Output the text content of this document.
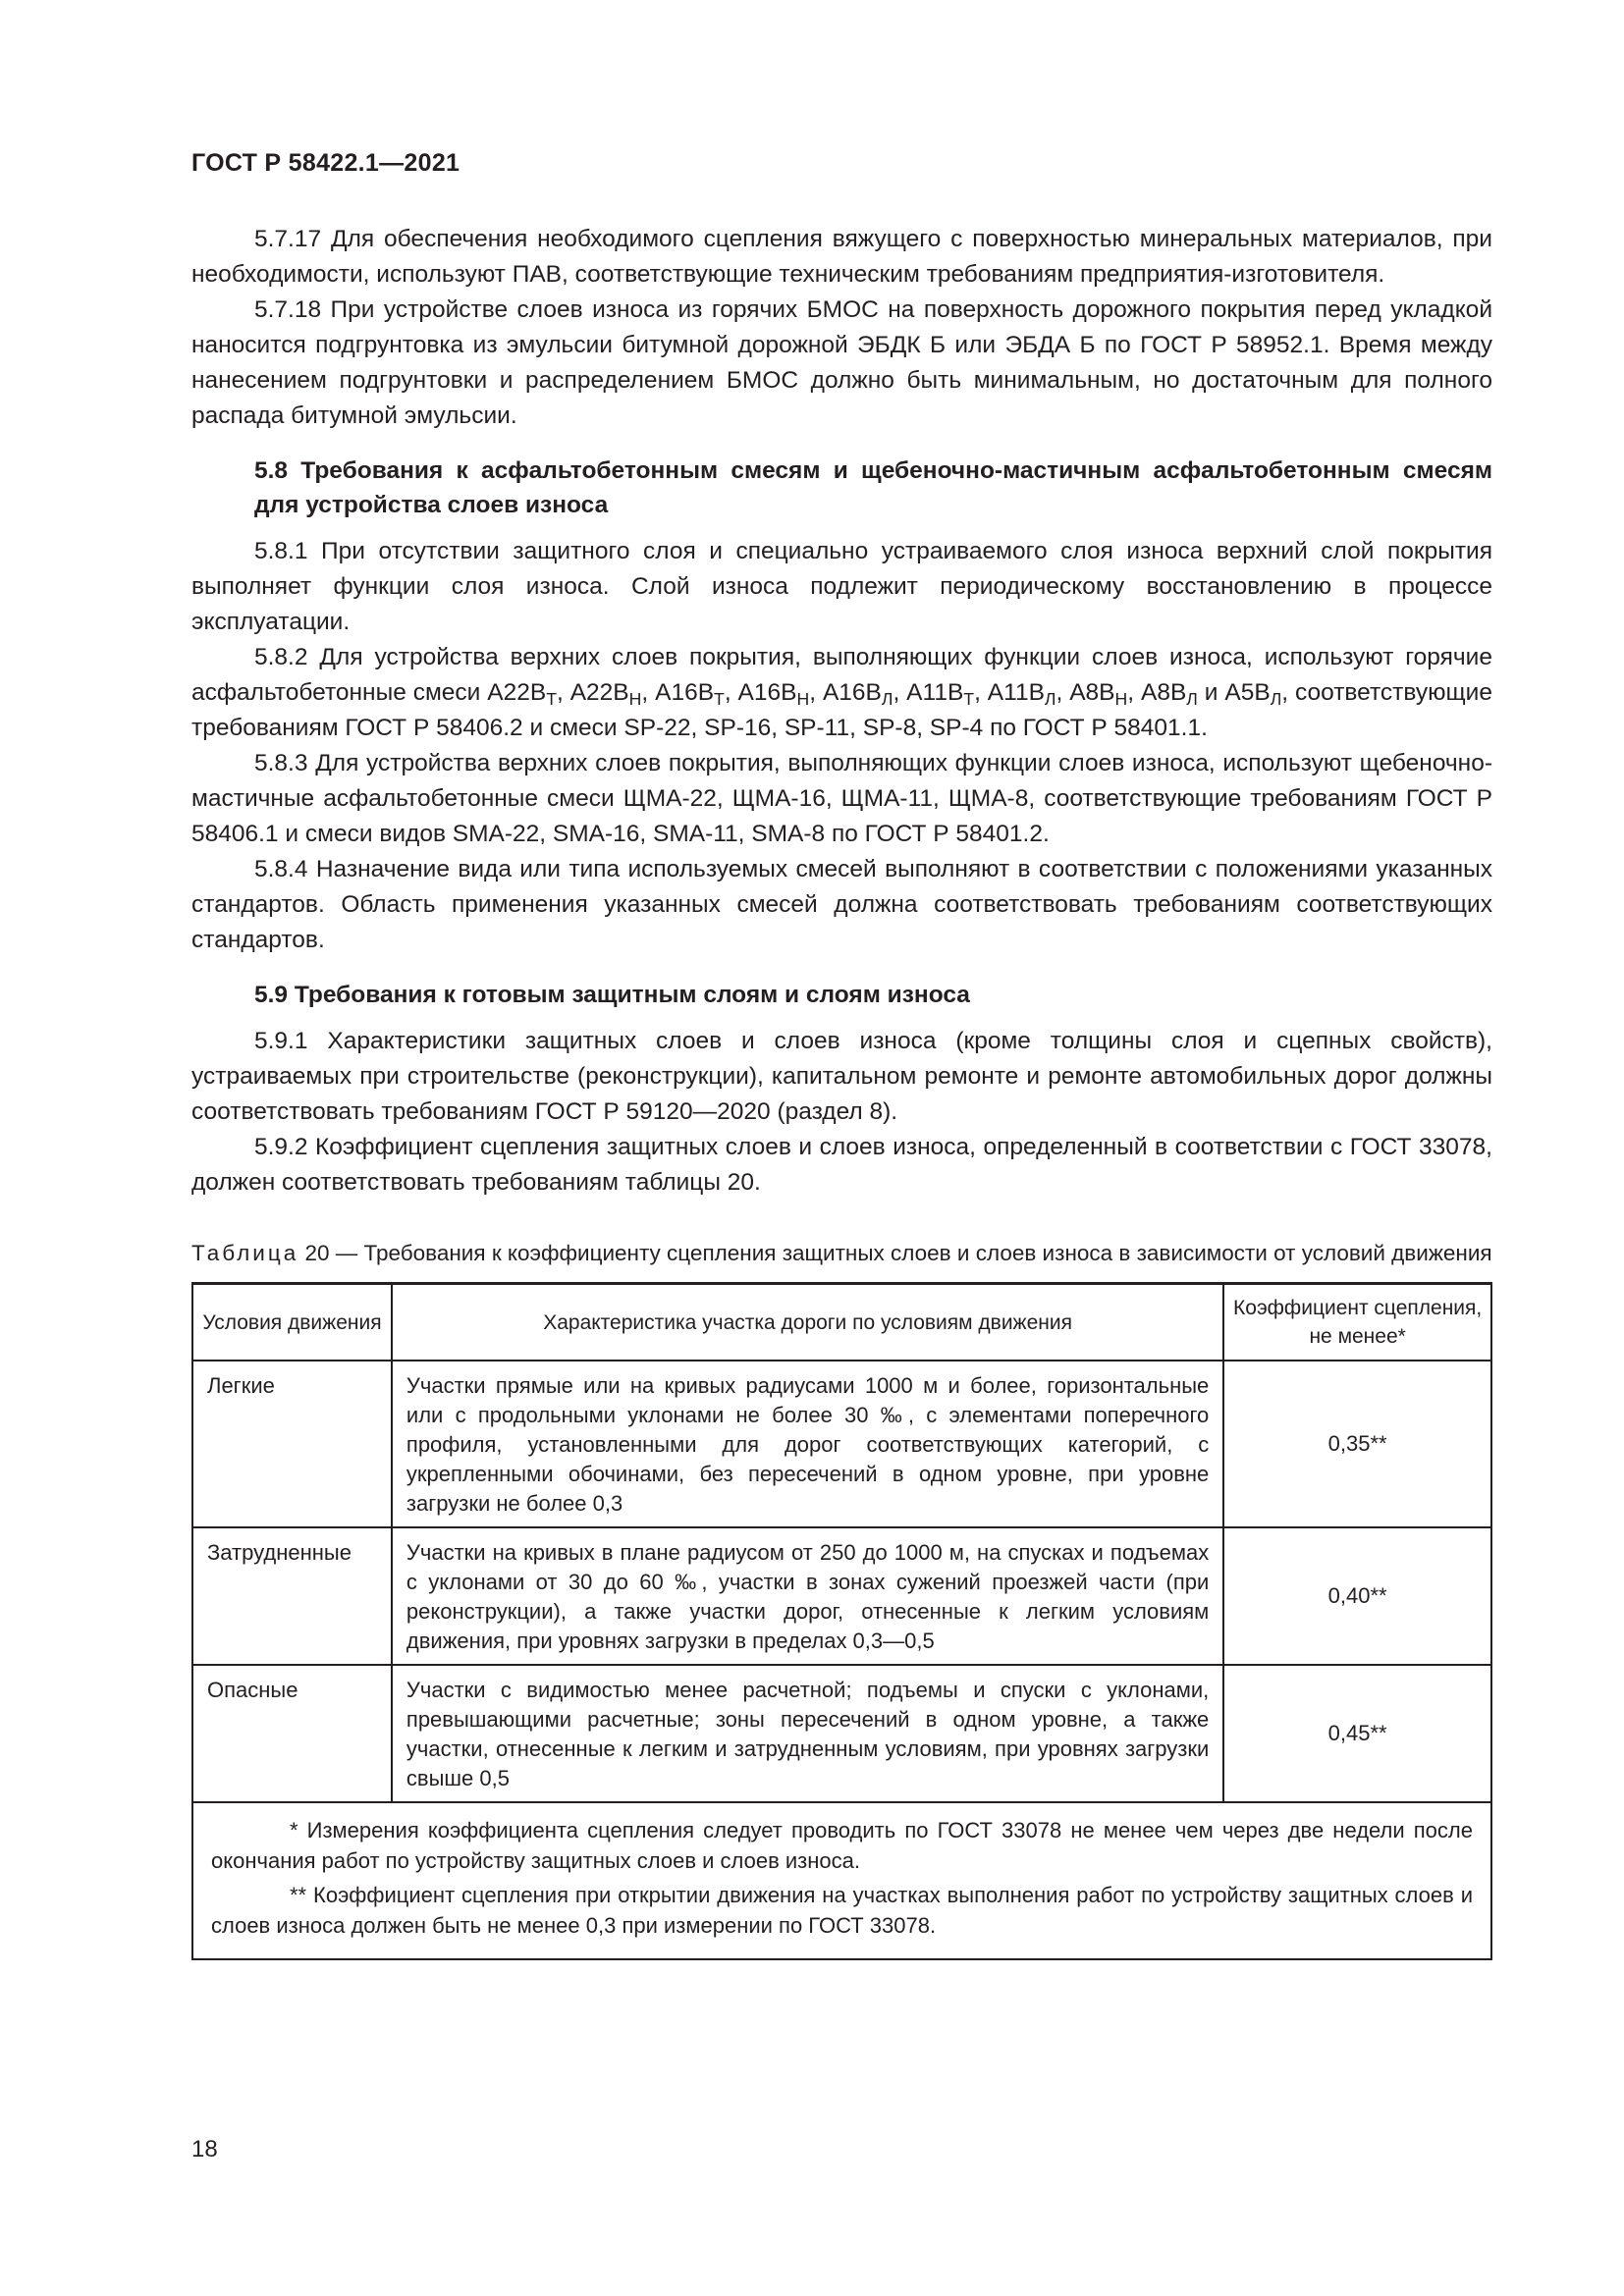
ГОСТ Р 58422.1—2021

5.7.17 Для обеспечения необходимого сцепления вяжущего с поверхностью минеральных материалов, при необходимости, используют ПАВ, соответствующие техническим требованиям предприятия-изготовителя.

5.7.18 При устройстве слоев износа из горячих БМОС на поверхность дорожного покрытия перед укладкой наносится подгрунтовка из эмульсии битумной дорожной ЭБДК Б или ЭБДА Б по ГОСТ Р 58952.1. Время между нанесением подгрунтовки и распределением БМОС должно быть минимальным, но достаточным для полного распада битумной эмульсии.

5.8 Требования к асфальтобетонным смесям и щебеночно-мастичным асфальтобетонным смесям для устройства слоев износа

5.8.1 При отсутствии защитного слоя и специально устраиваемого слоя износа верхний слой покрытия выполняет функции слоя износа. Слой износа подлежит периодическому восстановлению в процессе эксплуатации.

5.8.2 Для устройства верхних слоев покрытия, выполняющих функции слоев износа, используют горячие асфальтобетонные смеси $А22В_Т$, $А22В_Н$, $А16В_Т$, $А16В_Н$, $А16В_Л$, $А11В_Т$, $А11В_Л$, $А8В_Н$, $А8В_Л$ и $А5В_Л$, соответствующие требованиям ГОСТ Р 58406.2 и смеси SP-22, SP-16, SP-11, SP-8, SP-4 по ГОСТ Р 58401.1.

5.8.3 Для устройства верхних слоев покрытия, выполняющих функции слоев износа, используют щебеночно-мастичные асфальтобетонные смеси ЩМА-22, ЩМА-16, ЩМА-11, ЩМА-8, соответствующие требованиям ГОСТ Р 58406.1 и смеси видов SMA-22, SMA-16, SMA-11, SMA-8 по ГОСТ Р 58401.2.

5.8.4 Назначение вида или типа используемых смесей выполняют в соответствии с положениями указанных стандартов. Область применения указанных смесей должна соответствовать требованиям соответствующих стандартов.

5.9 Требования к готовым защитным слоям и слоям износа

5.9.1 Характеристики защитных слоев и слоев износа (кроме толщины слоя и сцепных свойств), устраиваемых при строительстве (реконструкции), капитальном ремонте и ремонте автомобильных дорог должны соответствовать требованиям ГОСТ Р 59120—2020 (раздел 8).

5.9.2 Коэффициент сцепления защитных слоев и слоев износа, определенный в соответствии с ГОСТ 33078, должен соответствовать требованиям таблицы 20.

Таблица 20 — Требования к коэффициенту сцепления защитных слоев и слоев износа в зависимости от условий движения
Условия движения	Характеристика участка дороги по условиям движения	Коэффициент сцепления, не менее*
Легкие	Участки прямые или на кривых радиусами 1000 м и более, горизонтальные или с продольными уклонами не более 30 ‰, с элементами поперечного профиля, установленными для дорог соответствующих категорий, с укрепленными обочинами, без пересечений в одном уровне, при уровне загрузки не более 0,3	0,35**
Затрудненные	Участки на кривых в плане радиусом от 250 до 1000 м, на спусках и подъемах с уклонами от 30 до 60 ‰, участки в зонах сужений проезжей части (при реконструкции), а также участки дорог, отнесенные к легким условиям движения, при уровнях загрузки в пределах 0,3—0,5	0,40**
Опасные	Участки с видимостью менее расчетной; подъемы и спуски с уклонами, превышающими расчетные; зоны пересечений в одном уровне, а также участки, отнесенные к легким и затрудненным условиям, при уровнях загрузки свыше 0,5	0,45**

* Измерения коэффициента сцепления следует проводить по ГОСТ 33078 не менее чем через две недели после окончания работ по устройству защитных слоев и слоев износа.

** Коэффициент сцепления при открытии движения на участках выполнения работ по устройству защитных слоев и слоев износа должен быть не менее 0,3 при измерении по ГОСТ 33078.		

18
